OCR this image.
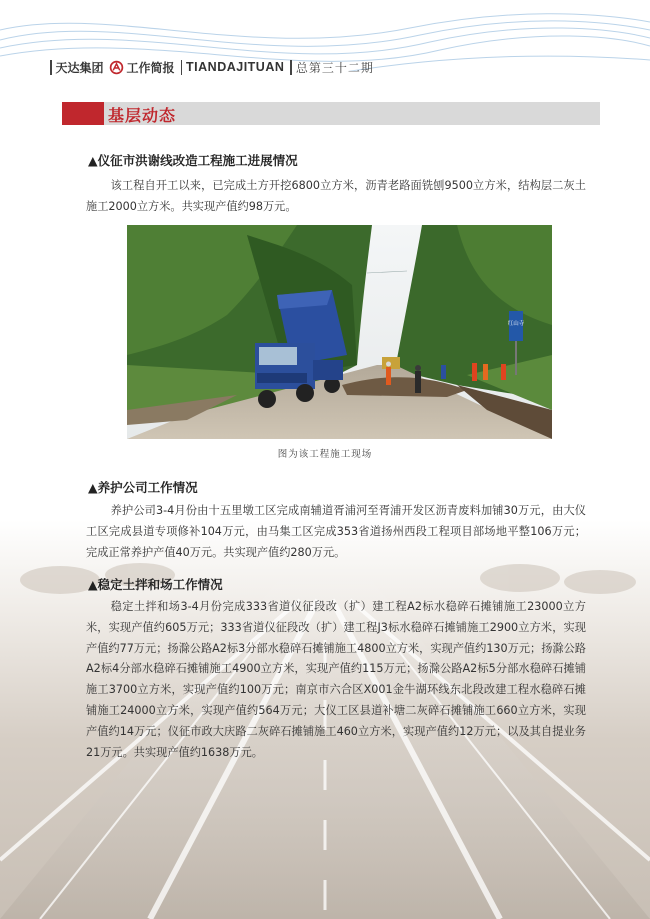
天达集团 工作简报 TIANDAJITUAN 总第三十二期
基层动态
▲仪征市洪谢线改造工程施工进展情况

该工程自开工以来，已完成土方开挖6800立方米，沥青老路面铣刨9500立方米，结构层二灰土施工2000立方米。共实现产值约98万元。

红山寺
图为该工程施工现场
▲养护公司工作情况

养护公司3-4月份由十五里墩工区完成南辅道胥浦河至胥浦开发区沥青废料加铺30万元，由大仪工区完成县道专项修补104万元，由马集工区完成353省道扬州西段工程项目部场地平整106万元；完成正常养护产值40万元。共实现产值约280万元。

▲稳定土拌和场工作情况

稳定土拌和场3-4月份完成333省道仪征段改（扩）建工程A2标水稳碎石摊铺施工23000立方米，实现产值约605万元；333省道仪征段改（扩）建工程J3标水稳碎石摊铺施工2900立方米，实现产值约77万元；扬滁公路A2标3分部水稳碎石摊铺施工4800立方米，实现产值约130万元；扬滁公路A2标4分部水稳碎石摊铺施工4900立方米，实现产值约115万元；扬滁公路A2标5分部水稳碎石摊铺施工3700立方米，实现产值约100万元；南京市六合区X001金牛湖环线东北段改建工程水稳碎石摊铺施工24000立方米，实现产值约564万元；大仪工区县道补塘二灰碎石摊铺施工660立方米，实现产值约14万元；仪征市政大庆路二灰碎石摊铺施工460立方米，实现产值约12万元；以及其自提业务21万元。共实现产值约1638万元。
